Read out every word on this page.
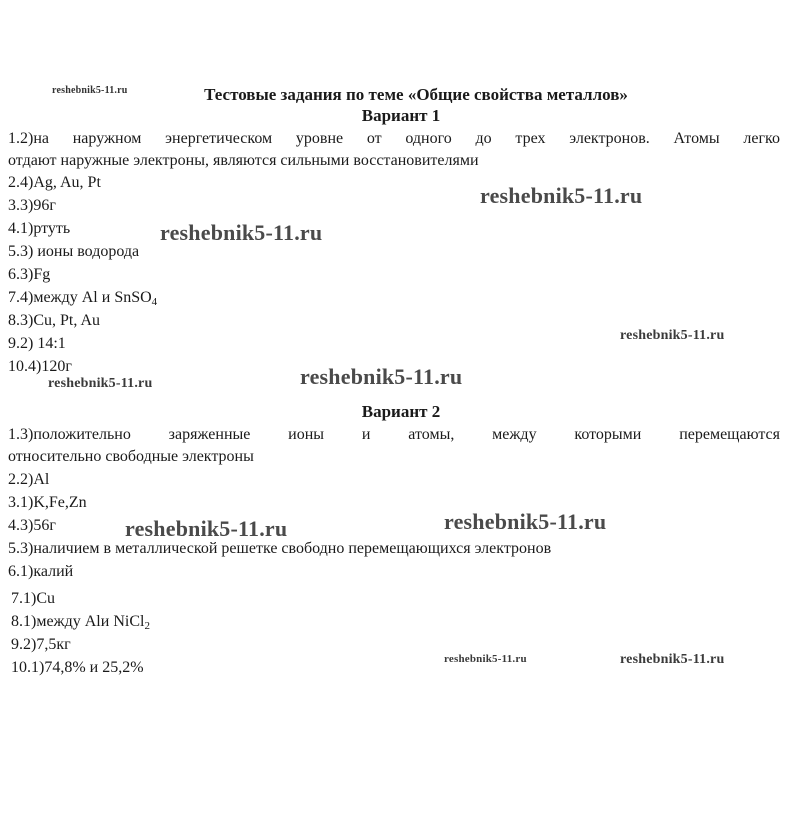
reshebnik5-11.ru	Тестовые задания по теме «Общие свойства металлов»
Вариант 1

1.2)на наружном энергетическом уровне от одного до трех электронов. Атомы легко

отдают наружные электроны, являются сильными восстановителями

2.4)Ag, Au, Pt

3.3)96г

4.1)ртуть

5.3) ионы водорода

6.3)Fg

7.4)между Al и SnSO$_4$

8.3)Cu, Pt, Au

9.2) 14:1

10.4)120г

Вариант 2

1.3)положительно заряженные ионы и атомы, между которыми перемещаются

относительно свободные электроны

2.2)Al

3.1)K,Fe,Zn

4.3)56г

5.3)наличием в металлической решетке свободно перемещающихся электронов

6.1)калий

7.1)Cu

8.1)между Alи NiCl$_2$

9.2)7,5кг

10.1)74,8% и 25,2%

reshebnik5-11.ru
reshebnik5-11.ru
reshebnik5-11.ru
reshebnik5-11.ru
reshebnik5-11.ru
reshebnik5-11.ru	reshebnik5-11.ru
reshebnik5-11.ru	reshebnik5-11.ru
